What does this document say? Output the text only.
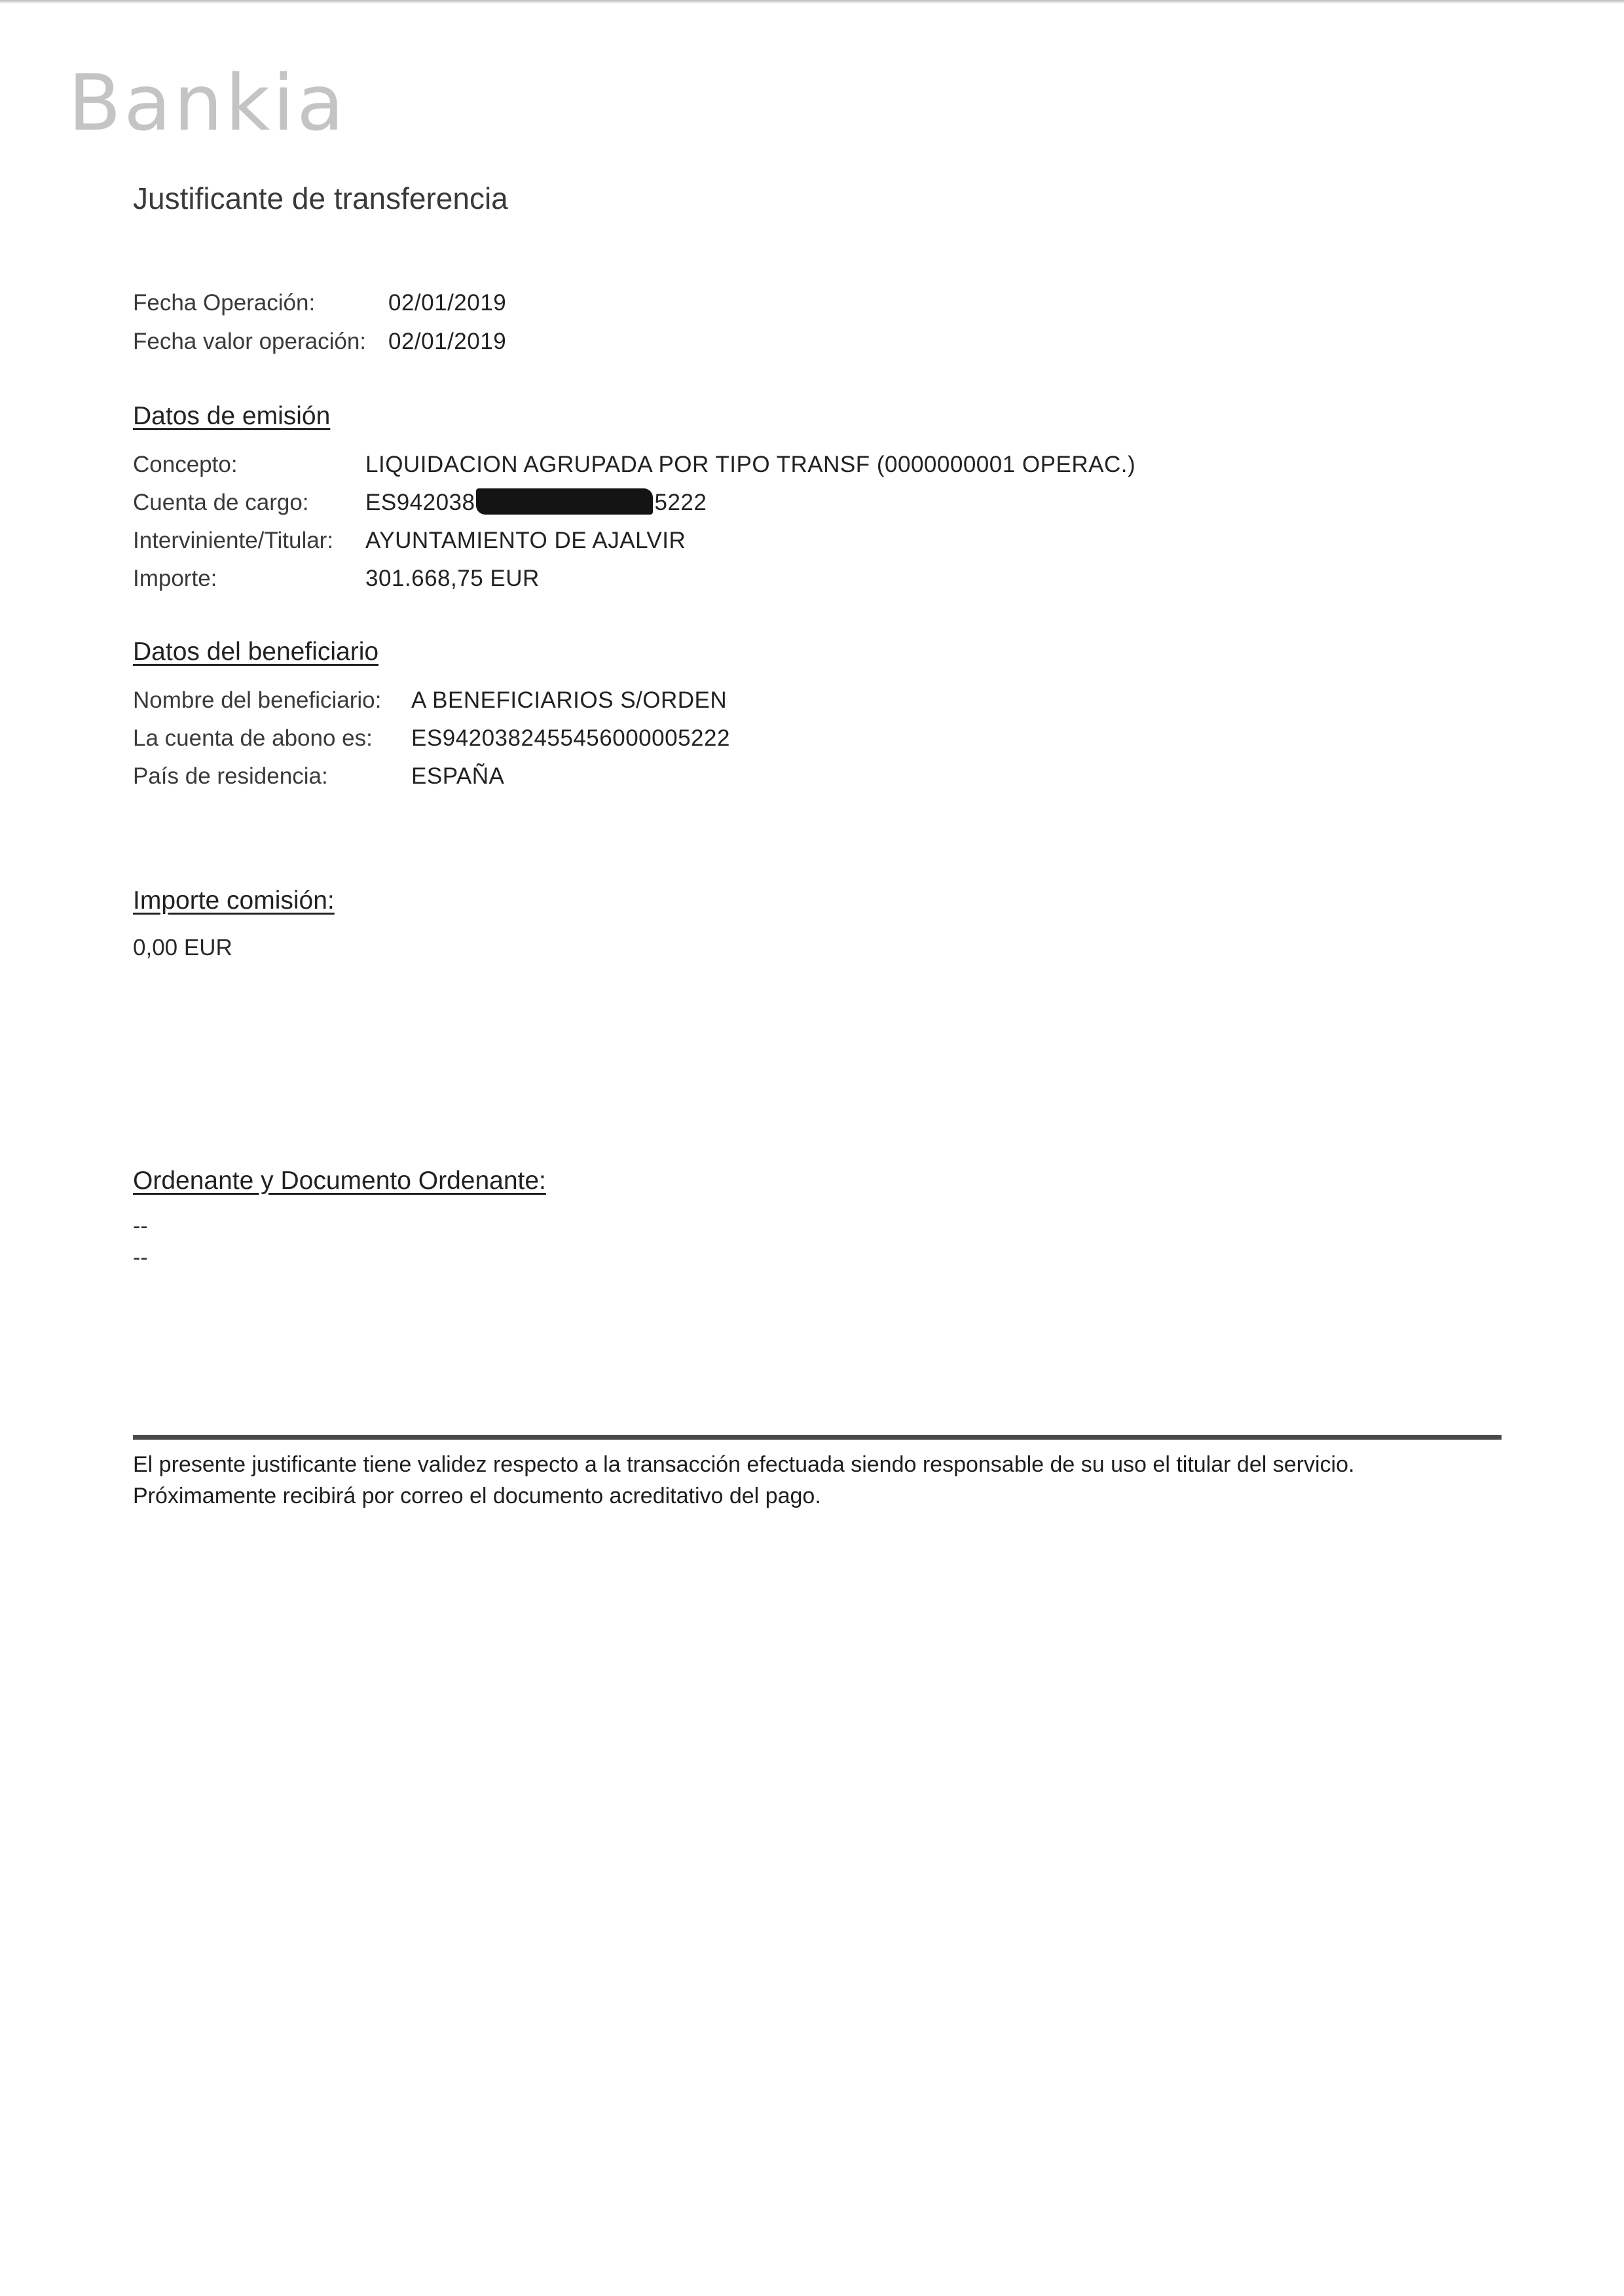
Bankia
Justificante de transferencia
Fecha Operación:	02/01/2019
Fecha valor operación: 02/01/2019
Datos de emisión
Concepto:	LIQUIDACION AGRUPADA POR TIPO TRANSF (0000000001 OPERAC.)
Cuenta de cargo: ES942038	5222
Interviniente/Titular: AYUNTAMIENTO DE AJALVIR
Importe:	301.668,75 EUR
Datos del beneficiario
Nombre del beneficiario: A BENEFICIARIOS S/ORDEN
La cuenta de abono es: ES9420382455456000005222
País de residencia:	ESPAÑA
Importe comisión:
0,00 EUR
Ordenante y Documento Ordenante:
--
--
El presente justificante tiene validez respecto a la transacción efectuada siendo responsable de su uso el titular del servicio.
Próximamente recibirá por correo el documento acreditativo del pago.
